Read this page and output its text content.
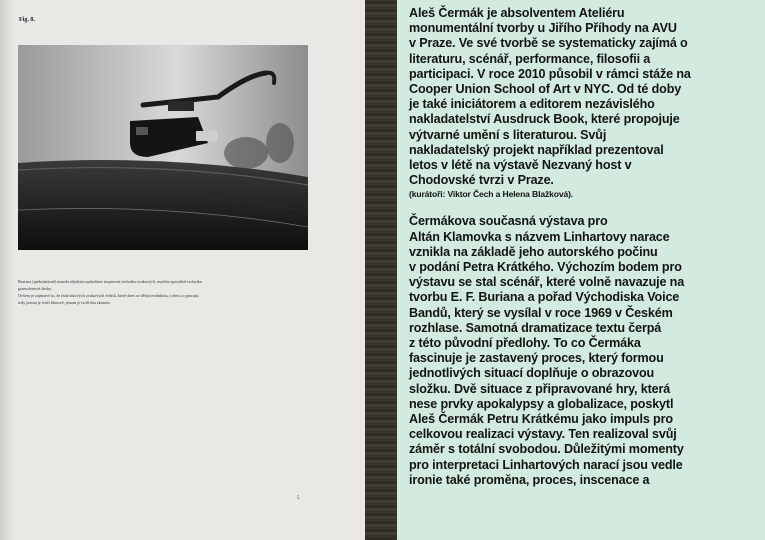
Fig. 8.

Buriana (spekulativně) musela nějakým způsobem inspirovat technika zvukových, myslím speciálně technika

gramofonové desky.

Ovšem je zajímavé to, že řada takových zvukových efektů, které dnes se dělají technikou, s těmi co pracuju,

tedy jenom je tvoří hlasově, jenom je tvoří tím zkusem.

5

Aleš Čermák je absolventem Ateliéru

monumentální tvorby u Jiřího Příhody na AVU

v Praze. Ve své tvorbě se systematicky zajímá o

literaturu, scénář, performance, filosofii a

participaci. V roce 2010 působil v rámci stáže na

Cooper Union School of Art v NYC. Od té doby

je také iniciátorem a editorem nezávislého

nakladatelství Ausdruck Book, které propojuje

výtvarné umění s literaturou. Svůj

nakladatelský projekt například prezentoval

letos v létě na výstavě Nezvaný host v

Chodovské tvrzi v Praze.

(kurátoři: Viktor Čech a Helena Blažková).

Čermákova současná výstava pro

Altán Klamovka s názvem Linhartovy narace

vznikla na základě jeho autorského počinu

v podání Petra Krátkého. Výchozím bodem pro

výstavu se stal scénář, které volně navazuje na

tvorbu E. F. Buriana a pořad Východiska Voice

Bandů, který se vysílal v roce 1969 v Českém

rozhlase. Samotná dramatizace textu čerpá

z této původní předlohy. To co Čermáka

fascinuje je zastavený proces, který formou

jednotlivých situací doplňuje o obrazovou

složku. Dvě situace z připravované hry, která

nese prvky apokalypsy a globalizace, poskytl

Aleš Čermák Petru Krátkému jako impuls pro

celkovou realizaci výstavy. Ten realizoval svůj

záměr s totální svobodou. Důležitými momenty

pro interpretaci Linhartových narací jsou vedle

ironie také proměna, proces, inscenace a
